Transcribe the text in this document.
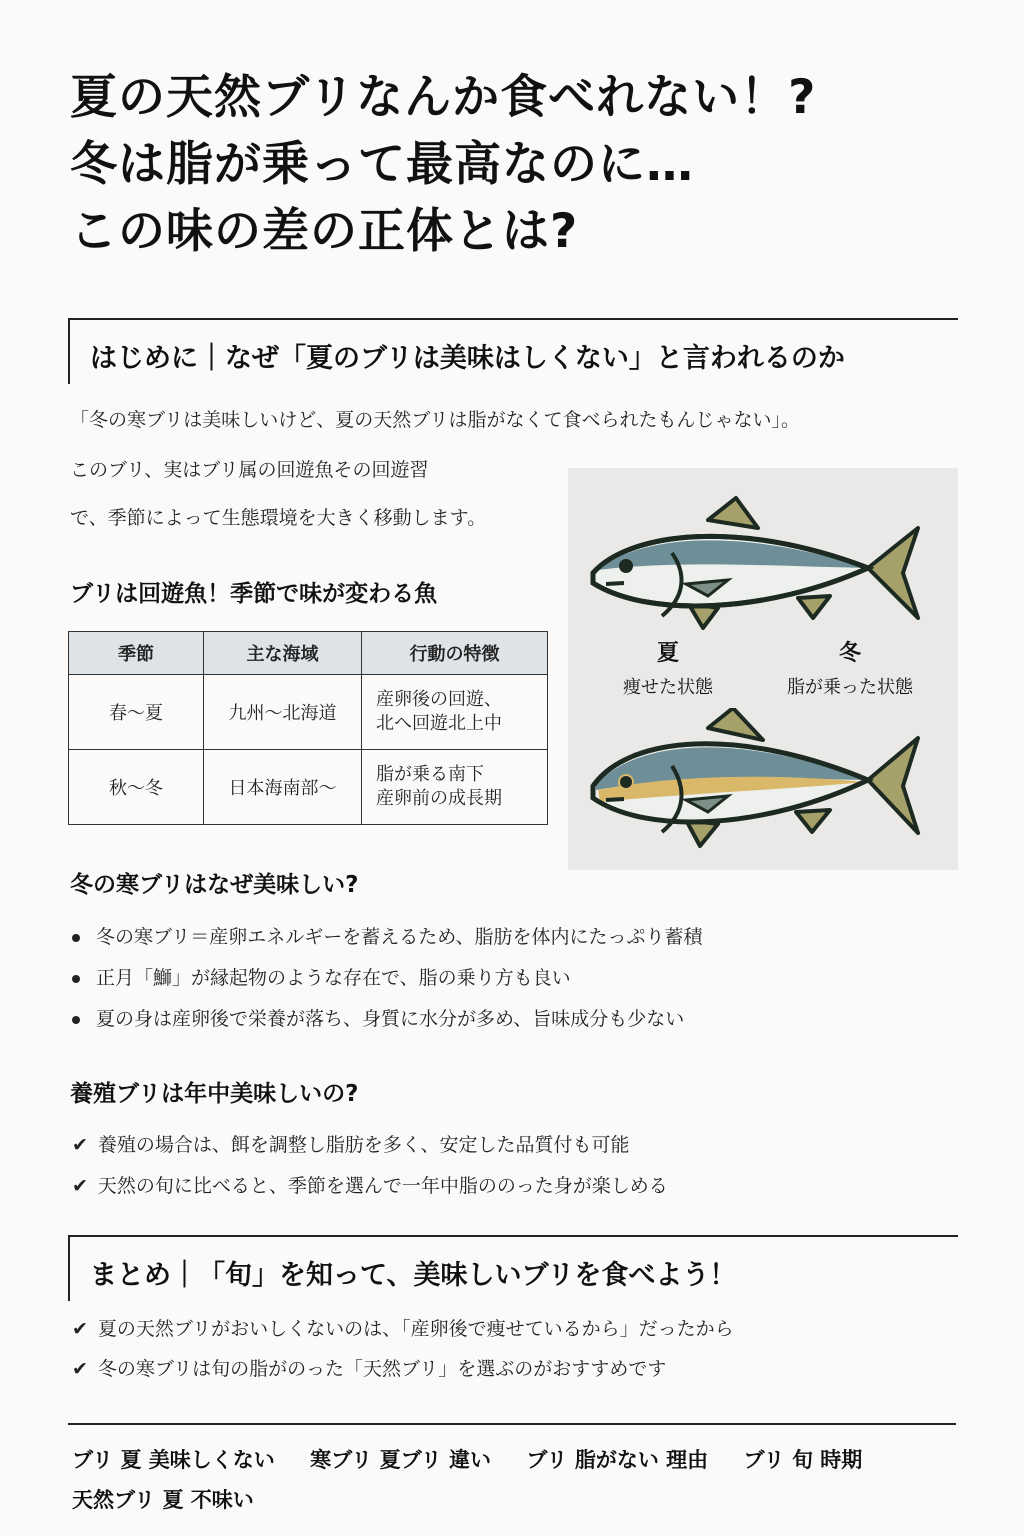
夏の天然ブリなんか食べれない！?
冬は脂が乗って最高なのに…
この味の差の正体とは?
はじめに｜なぜ「夏のブリは美味はしくない」と言われるのか
「冬の寒ブリは美味しいけど、夏の天然ブリは脂がなくて食べられたもんじゃない」。
このブリ、実はブリ属の回遊魚その回遊習
で、季節によって生態環境を大きく移動します。
ブリは回遊魚！季節で味が変わる魚
季節	主な海域	行動の特徴
春〜夏	九州〜北海道	産卵後の回遊、
北へ回遊北上中

秋〜冬	日本海南部〜	脂が乗る南下
産卵前の成長期
夏	冬
痩せた状態	脂が乗った状態
冬の寒ブリはなぜ美味しい?
冬の寒ブリ＝産卵エネルギーを蓄えるため、脂肪を体内にたっぷり蓄積
正月「鰤」が縁起物のような存在で、脂の乗り方も良い
夏の身は産卵後で栄養が落ち、身質に水分が多め、旨味成分も少ない
養殖ブリは年中美味しいの?
✔ 養殖の場合は、餌を調整し脂肪を多く、安定した品質付も可能
✔ 天然の旬に比べると、季節を選んで一年中脂ののった身が楽しめる
まとめ｜「旬」を知って、美味しいブリを食べよう！
✔ 夏の天然ブリがおいしくないのは、「産卵後で痩せているから」だったから
✔ 冬の寒ブリは旬の脂がのった「天然ブリ」を選ぶのがおすすめです
ブリ 夏 美味しくない 寒ブリ 夏ブリ 違い ブリ 脂がない 理由 ブリ 旬 時期 天然ブリ 夏 不味い
